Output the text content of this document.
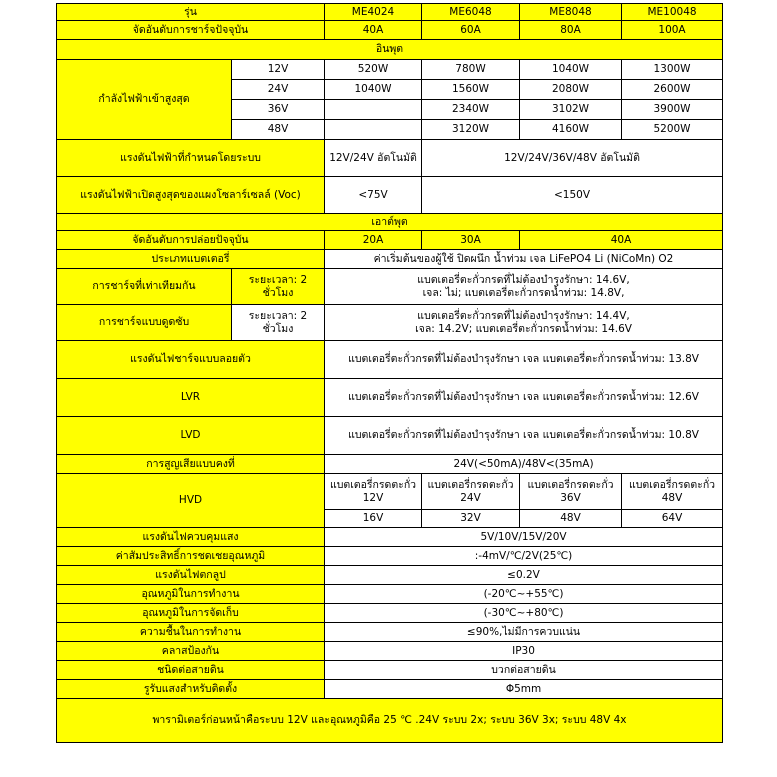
รุ่น		ME4024	ME6048	ME8048	ME10048
จัดอันดับการชาร์จปัจจุบัน		40A	60A	80A	100A
อินพุต					
กำลังไฟฟ้าเข้าสูงสุด	12V	520W	780W	1040W	1300W
	24V	1040W	1560W	2080W	2600W
	36V		2340W	3102W	3900W
	48V		3120W	4160W	5200W
แรงดันไฟฟ้าที่กำหนดโดยระบบ		12V/24V อัตโนมัติ	12V/24V/36V/48V อัตโนมัติ		
แรงดันไฟฟ้าเปิดสูงสุดของแผงโซลาร์เซลล์ (Voc)		<75V	<150V		
เอาต์พุต					
จัดอันดับการปล่อยปัจจุบัน		20A	30A	40A	
ประเภทแบตเตอรี่		ค่าเริ่มต้นของผู้ใช้ ปิดผนึก น้ำท่วม เจล LiFePO4 Li (NiCoMn) O2			
การชาร์จที่เท่าเทียมกัน	ระยะเวลา: 2 ชั่วโมง	แบตเตอรี่ตะกั่วกรดที่ไม่ต้องบำรุงรักษา: 14.6V,
เจล: ไม่; แบตเตอรี่ตะกั่วกรดน้ำท่วม: 14.8V,			

การชาร์จแบบดูดซับ	ระยะเวลา: 2 ชั่วโมง	แบตเตอรี่ตะกั่วกรดที่ไม่ต้องบำรุงรักษา: 14.4V,
เจล: 14.2V; แบตเตอรี่ตะกั่วกรดน้ำท่วม: 14.6V			

แรงดันไฟชาร์จแบบลอยตัว		แบตเตอรี่ตะกั่วกรดที่ไม่ต้องบำรุงรักษา เจล แบตเตอรี่ตะกั่วกรดน้ำท่วม: 13.8V			
LVR		แบตเตอรี่ตะกั่วกรดที่ไม่ต้องบำรุงรักษา เจล แบตเตอรี่ตะกั่วกรดน้ำท่วม: 12.6V			
LVD		แบตเตอรี่ตะกั่วกรดที่ไม่ต้องบำรุงรักษา เจล แบตเตอรี่ตะกั่วกรดน้ำท่วม: 10.8V			
การสูญเสียแบบคงที่		24V(<50mA)/48V<(35mA)			
HVD		แบตเตอรี่กรดตะกั่ว 12V	แบตเตอรี่กรดตะกั่ว 24V	แบตเตอรี่กรดตะกั่ว 36V	แบตเตอรี่กรดตะกั่ว 48V
		16V	32V	48V	64V
แรงดันไฟควบคุมแสง		5V/10V/15V/20V			
ค่าสัมประสิทธิ์การชดเชยอุณหภูมิ		:-4mV/℃/2V(25℃)			
แรงดันไฟตกลูป		≤0.2V			
อุณหภูมิในการทำงาน		(-20℃~+55℃)			
อุณหภูมิในการจัดเก็บ		(-30℃~+80℃)			
ความชื้นในการทำงาน		≤90%,ไม่มีการควบแน่น			
คลาสป้องกัน		IP30			
ชนิดต่อสายดิน		บวกต่อสายดิน			
รูรับแสงสำหรับติดตั้ง		Φ5mm			
พารามิเตอร์ก่อนหน้าคือระบบ 12V และอุณหภูมิคือ 25 ℃ .24V ระบบ 2x; ระบบ 36V 3x; ระบบ 48V 4x					
